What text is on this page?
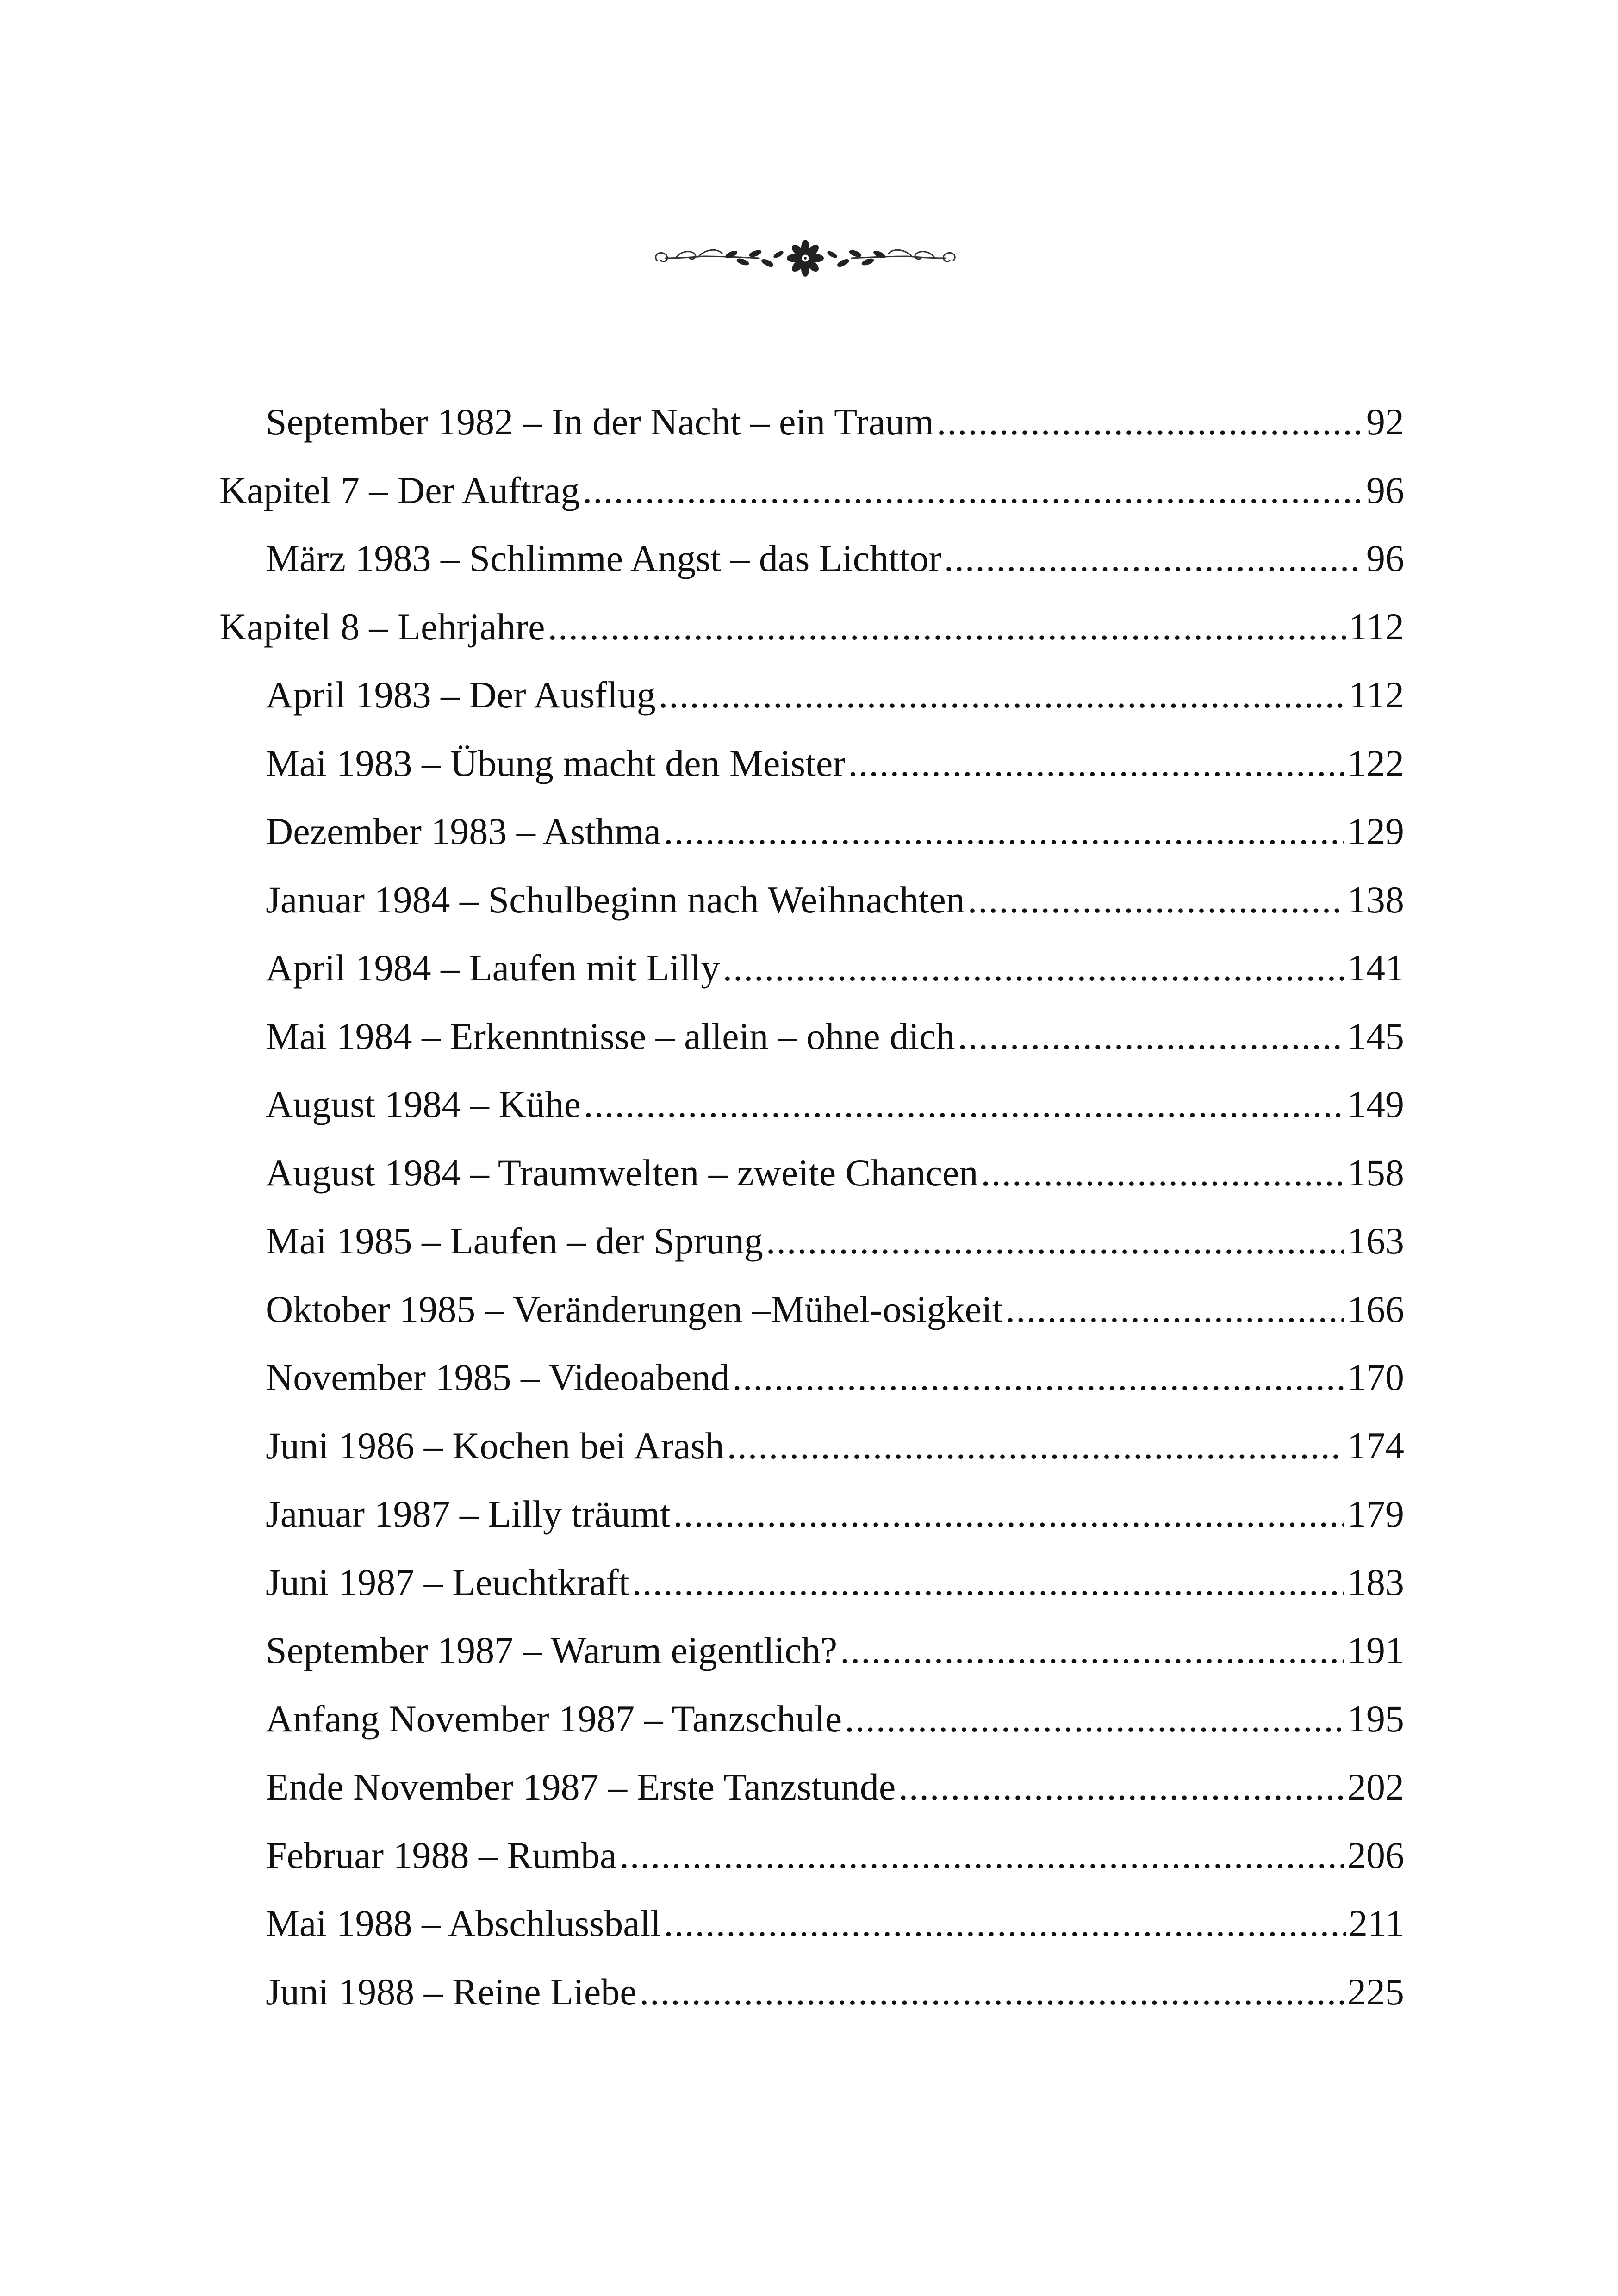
September 1982 – In der Nacht – ein Traum .....	92
Kapitel 7 – Der Auftrag .....	96
März 1983 – Schlimme Angst – das Lichttor .....	96
Kapitel 8 – Lehrjahre .....	112
April 1983 – Der Ausflug .....	112
Mai 1983 – Übung macht den Meister .....	122
Dezember 1983 – Asthma .....	129
Januar 1984 – Schulbeginn nach Weihnachten .....	138
April 1984 – Laufen mit Lilly .....	141
Mai 1984 – Erkenntnisse – allein – ohne dich .....	145
August 1984 – Kühe .....	149
August 1984 – Traumwelten – zweite Chancen .....	158
Mai 1985 – Laufen – der Sprung .....	163
Oktober 1985 – Veränderungen –Mühel-osigkeit .....	166
November 1985 – Videoabend .....	170
Juni 1986 – Kochen bei Arash .....	174
Januar 1987 – Lilly träumt .....	179
Juni 1987 – Leuchtkraft .....	183
September 1987 – Warum eigentlich? .....	191
Anfang November 1987 – Tanzschule .....	195
Ende November 1987 – Erste Tanzstunde .....	202
Februar 1988 – Rumba .....	206
Mai 1988 – Abschlussball .....	211
Juni 1988 – Reine Liebe .....	225
